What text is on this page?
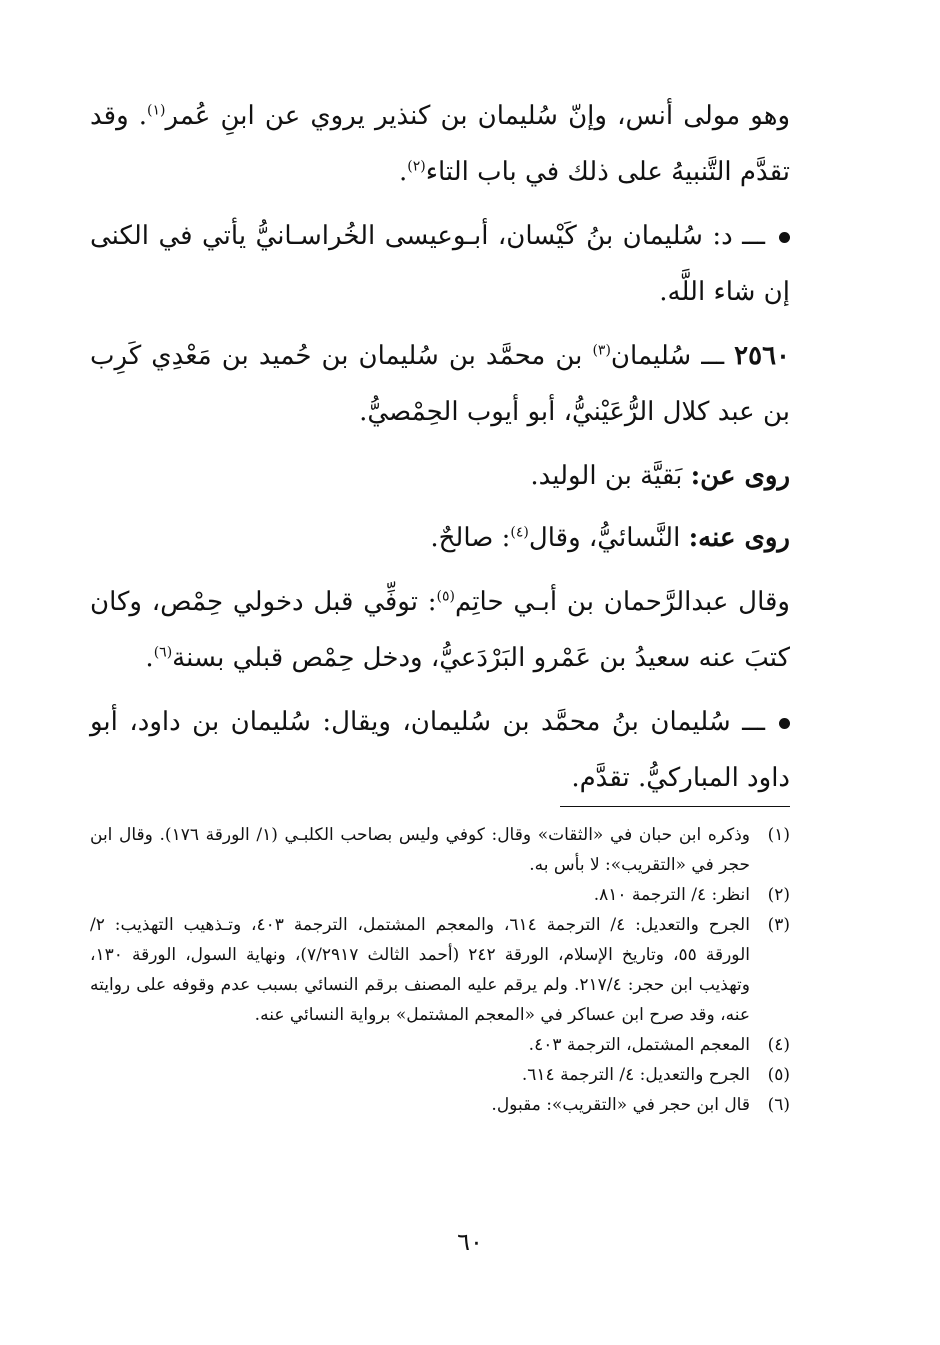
وهو مولى أنس، وإنّ سُليمان بن كنذير يروي عن ابنِ عُمر$^{(١)}$. وقد تقدَّم التَّنبيهُ على ذلك في باب التاء$^{(٢)}$.

ـــ د: سُليمان بنُ كَيْسان، أبـوعيسى الخُراسـانيُّ يأتي في الكنى إن شاء اللَّه.

٢٥٦٠ ـــ سُليمان$^{(٣)}$ بن محمَّد بن سُليمان بن حُميد بن مَعْدِي كَرِب بن عبد كلال الرُّعَيْنيُّ، أبو أيوب الحِمْصيُّ.

روى عن: بَقيَّة بن الوليد.

روى عنه: النَّسائيُّ، وقال$^{(٤)}$: صالحٌ.

وقال عبدالرَّحمان بن أبـي حاتِم$^{(٥)}$: توفِّي قبل دخولي حِمْص، وكان كتبَ عنه سعيدُ بن عَمْرو البَرْدَعيُّ، ودخل حِمْص قبلي بسنة$^{(٦)}$.

ـــ سُليمان بنُ محمَّد بن سُليمان، ويقال: سُليمان بن داود، أبو داود المباركيُّ. تقدَّم.

(١)
وذكره ابن حبان في «الثقات» وقال: كوفي وليس بصاحب الكلبـي (١/ الورقة ١٧٦). وقال ابن حجر في «التقريب»: لا بأس به.
(٢)
انظر: ٤/ الترجمة ٨١٠.
(٣)
الجرح والتعديل: ٤/ الترجمة ٦١٤، والمعجم المشتمل، الترجمة ٤٠٣، وتـذهيب التهذيب: ٢/ الورقة ٥٥، وتاريخ الإسلام، الورقة ٢٤٢ (أحمد الثالث ٧/٢٩١٧)، ونهاية السول، الورقة ١٣٠، وتهذيب ابن حجر: ٢١٧/٤. ولم يرقم عليه المصنف برقم النسائي بسبب عدم وقوفه على روايته عنه، وقد صرح ابن عساكر في «المعجم المشتمل» برواية النسائي عنه.
(٤)
المعجم المشتمل، الترجمة ٤٠٣.
(٥)
الجرح والتعديل: ٤/ الترجمة ٦١٤.
(٦)
قال ابن حجر في «التقريب»: مقبول.
٦٠
